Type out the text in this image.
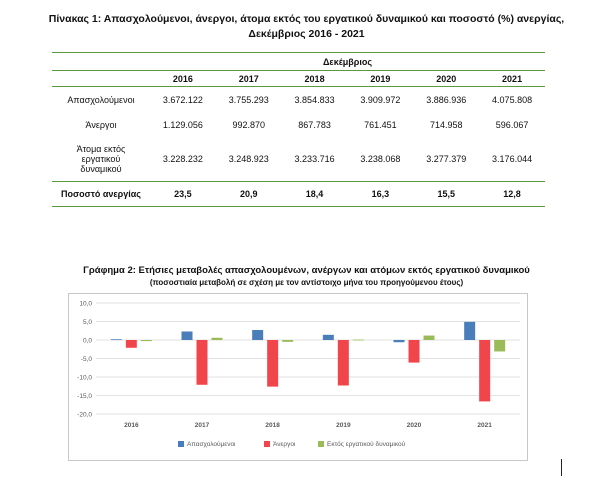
Πίνακας 1: Απασχολούμενοι, άνεργοι, άτομα εκτός του εργατικού δυναμικού και ποσοστό (%) ανεργίας,
Δεκέμβριος 2016 - 2021
	Δεκέμβριος					
	2016	2017	2018	2019	2020	2021
Απασχολούμενοι	3.672.122	3.755.293	3.854.833	3.909.972	3.886.936	4.075.808
Άνεργοι	1.129.056	992.870	867.783	761.451	714.958	596.067

Άτομα εκτός
εργατικού
δυναμικού	3.228.232	3.248.923	3.233.716	3.238.068	3.277.379	3.176.044
Ποσοστό ανεργίας	23,5	20,9	18,4	16,3	15,5	12,8
Γράφημα 2: Ετήσιες μεταβολές απασχολουμένων, ανέργων και ατόμων εκτός εργατικού δυναμικού
(ποσοστιαία μεταβολή σε σχέση με τον αντίστοιχο μήνα του προηγούμενου έτους)
10,0
5,0
0,0
-5,0
-10,0
-15,0
-20,0
2016	2017	2018	2019	2020	2021
Απασχολούμενοι	Άνεργοι	Εκτός εργατικού δυναμικού
